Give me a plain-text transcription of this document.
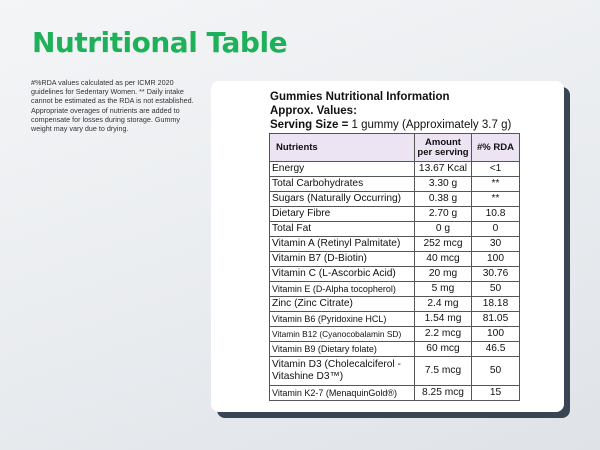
Nutritional Table
#%RDA values calculated as per ICMR 2020 guidelines for Sedentary Women. ** Daily intake cannot be estimated as the RDA is not established. Appropriate overages of nutrients are added to compensate for losses during storage. Gummy weight may vary due to drying.
Gummies Nutritional Information
Approx. Values:
Serving Size = 1 gummy (Approximately 3.7 g)
Nutrients	Amount per serving	#% RDA
Energy	13.67 Kcal	<1
Total Carbohydrates	3.30 g	**
Sugars (Naturally Occurring)	0.38 g	**
Dietary Fibre	2.70 g	10.8
Total Fat	0 g	0
Vitamin A (Retinyl Palmitate)	252 mcg	30
Vitamin B7 (D-Biotin)	40 mcg	100
Vitamin C (L-Ascorbic Acid)	20 mg	30.76
Vitamin E (D-Alpha tocopherol)	5 mg	50
Zinc (Zinc Citrate)	2.4 mg	18.18
Vitamin B6 (Pyridoxine HCL)	1.54 mg	81.05
Vitamin B12 (Cyanocobalamin SD)	2.2 mcg	100
Vitamin B9 (Dietary folate)	60 mcg	46.5
Vitamin D3 (Cholecalciferol - Vitashine D3™)	7.5 mcg	50
Vitamin K2-7 (MenaquinGold®)	8.25 mcg	15
